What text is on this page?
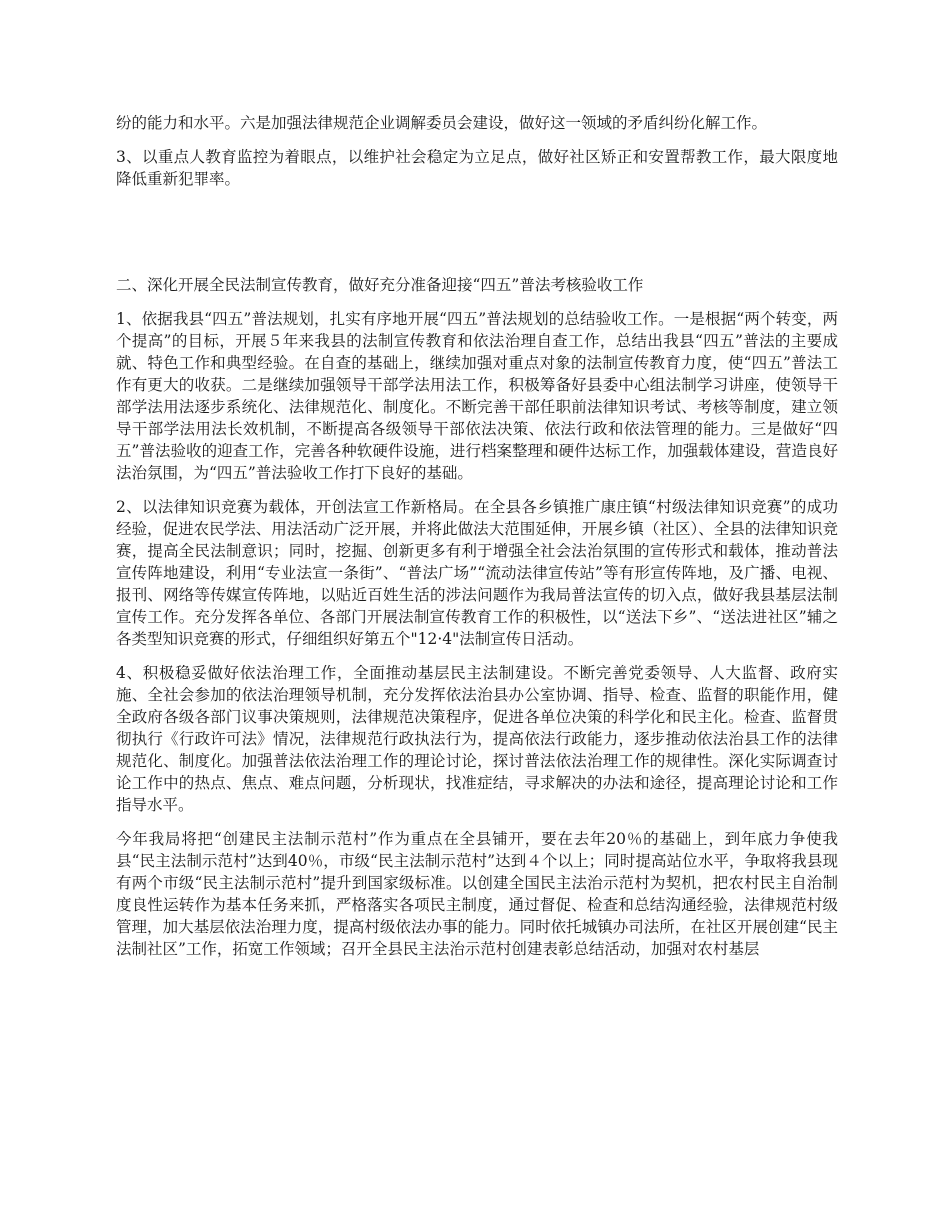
纷的能力和水平。六是加强法律规范企业调解委员会建设，做好这一领域的矛盾纠纷化解工作。

3、以重点人教育监控为着眼点，以维护社会稳定为立足点，做好社区矫正和安置帮教工作，最大限度地降低重新犯罪率。

二、深化开展全民法制宣传教育，做好充分准备迎接“四五”普法考核验收工作

1、依据我县“四五”普法规划，扎实有序地开展“四五”普法规划的总结验收工作。一是根据“两个转变，两个提高”的目标，开展５年来我县的法制宣传教育和依法治理自查工作，总结出我县“四五”普法的主要成就、特色工作和典型经验。在自查的基础上，继续加强对重点对象的法制宣传教育力度，使“四五”普法工作有更大的收获。二是继续加强领导干部学法用法工作，积极筹备好县委中心组法制学习讲座，使领导干部学法用法逐步系统化、法律规范化、制度化。不断完善干部任职前法律知识考试、考核等制度，建立领导干部学法用法长效机制，不断提高各级领导干部依法决策、依法行政和依法管理的能力。三是做好“四五”普法验收的迎查工作，完善各种软硬件设施，进行档案整理和硬件达标工作，加强载体建设，营造良好法治氛围，为“四五”普法验收工作打下良好的基础。

2、以法律知识竞赛为载体，开创法宣工作新格局。在全县各乡镇推广康庄镇“村级法律知识竞赛”的成功经验，促进农民学法、用法活动广泛开展，并将此做法大范围延伸，开展乡镇（社区）、全县的法律知识竞赛，提高全民法制意识；同时，挖掘、创新更多有利于增强全社会法治氛围的宣传形式和载体，推动普法宣传阵地建设，利用“专业法宣一条街”、“普法广场”“流动法律宣传站”等有形宣传阵地，及广播、电视、报刊、网络等传媒宣传阵地，以贴近百姓生活的涉法问题作为我局普法宣传的切入点，做好我县基层法制宣传工作。充分发挥各单位、各部门开展法制宣传教育工作的积极性，以“送法下乡”、“送法进社区”辅之各类型知识竞赛的形式，仔细组织好第五个"12·4"法制宣传日活动。

4、积极稳妥做好依法治理工作，全面推动基层民主法制建设。不断完善党委领导、人大监督、政府实施、全社会参加的依法治理领导机制，充分发挥依法治县办公室协调、指导、检查、监督的职能作用，健全政府各级各部门议事决策规则，法律规范决策程序，促进各单位决策的科学化和民主化。检查、监督贯彻执行《行政许可法》情况，法律规范行政执法行为，提高依法行政能力，逐步推动依法治县工作的法律规范化、制度化。加强普法依法治理工作的理论讨论，探讨普法依法治理工作的规律性。深化实际调查讨论工作中的热点、焦点、难点问题，分析现状，找准症结，寻求解决的办法和途径，提高理论讨论和工作指导水平。

今年我局将把“创建民主法制示范村”作为重点在全县铺开，要在去年20％的基础上，到年底力争使我县“民主法制示范村”达到40％，市级“民主法制示范村”达到４个以上；同时提高站位水平，争取将我县现有两个市级“民主法制示范村”提升到国家级标准。以创建全国民主法治示范村为契机，把农村民主自治制度良性运转作为基本任务来抓，严格落实各项民主制度，通过督促、检查和总结沟通经验，法律规范村级管理，加大基层依法治理力度，提高村级依法办事的能力。同时依托城镇办司法所，在社区开展创建“民主法制社区”工作，拓宽工作领域；召开全县民主法治示范村创建表彰总结活动，加强对农村基层
